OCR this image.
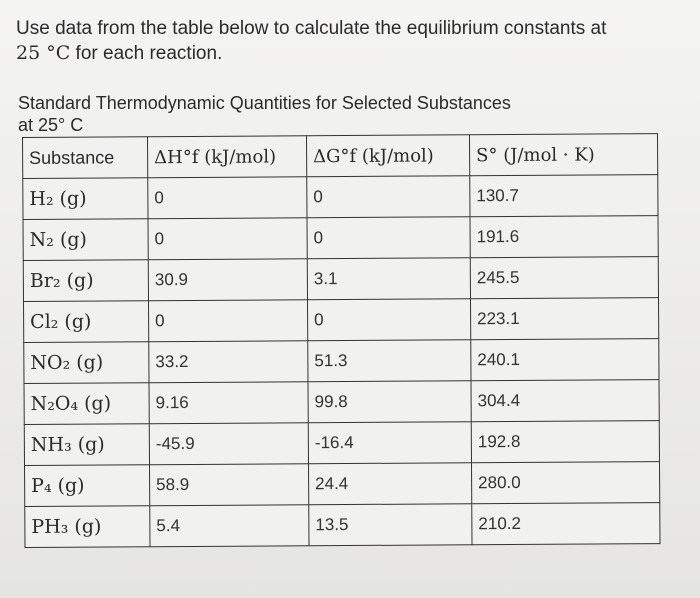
Use data from the table below to calculate the equilibrium constants at
25 °C for each reaction.
Standard Thermodynamic Quantities for Selected Substances
at 25° C
Substance	ΔH°f (kJ/mol)	ΔG°f (kJ/mol)	S° (J/mol · K)
H₂ (g)	0	0	130.7
N₂ (g)	0	0	191.6
Br₂ (g)	30.9	3.1	245.5
Cl₂ (g)	0	0	223.1
NO₂ (g)	33.2	51.3	240.1
N₂O₄ (g)	9.16	99.8	304.4
NH₃ (g)	-45.9	-16.4	192.8
P₄ (g)	58.9	24.4	280.0
PH₃ (g)	5.4	13.5	210.2
